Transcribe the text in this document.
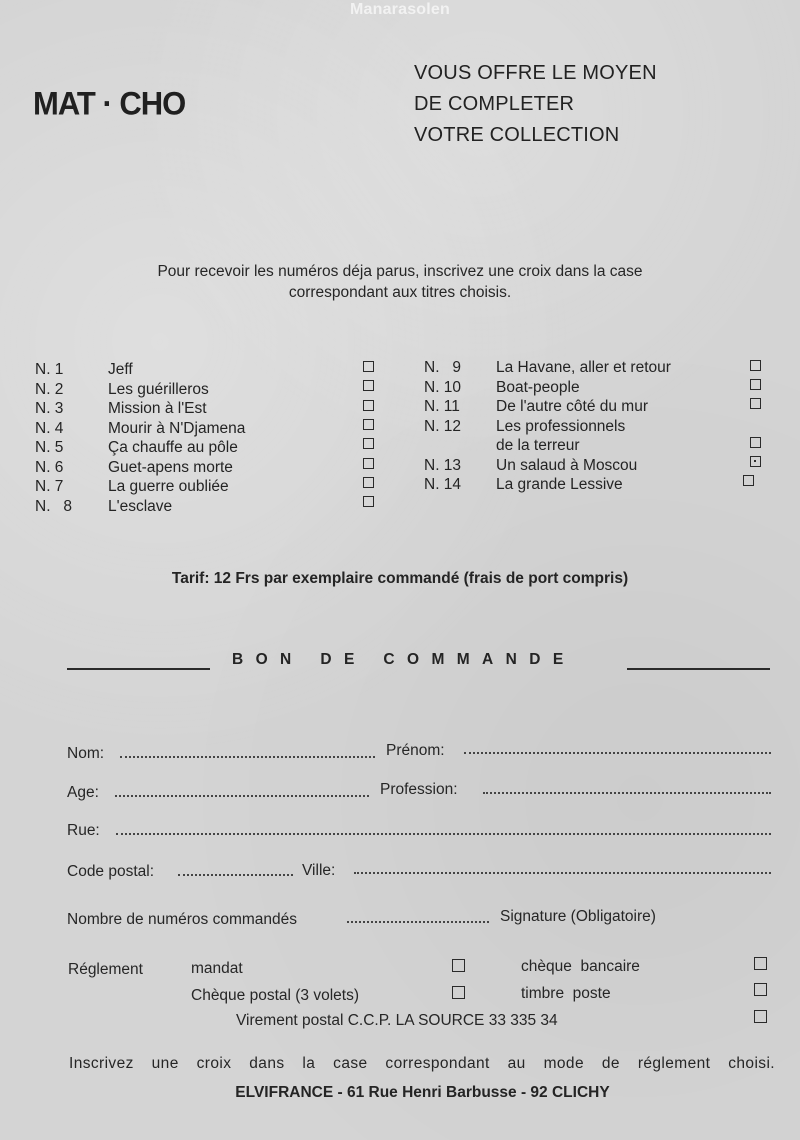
Manarasolen
MAT · CHO
VOUS OFFRE LE MOYEN
DE COMPLETER
VOTRE COLLECTION
Pour recevoir les numéros déja parus, inscrivez une croix dans la case
correspondant aux titres choisis.
N. 1	Jeff
N. 2	Les guérilleros
N. 3	Mission à l'Est
N. 4	Mourir à N'Djamena
N. 5	Ça chauffe au pôle
N. 6	Guet-apens morte
N. 7	La guerre oubliée
N.   8 L'esclave
N.   9 La Havane, aller et retour
N. 10 Boat-people
N. 11 De l'autre côté du mur
N. 12 Les professionnels
de la terreur
N. 13 Un salaud à Moscou
N. 14 La grande Lessive
Tarif: 12 Frs par exemplaire commandé (frais de port compris)
BON DE COMMANDE
Nom:	Prénom:
Age:	Profession:
Rue:
Code postal:	Ville:
Nombre de numéros commandés	Signature (Obligatoire)
Réglement	mandat	chèque  bancaire
Chèque postal (3 volets)	timbre  poste
Virement postal C.C.P. LA SOURCE 33 335 34
Inscrivez une croix dans la case correspondant au mode de réglement choisi.
ELVIFRANCE - 61 Rue Henri Barbusse - 92 CLICHY
